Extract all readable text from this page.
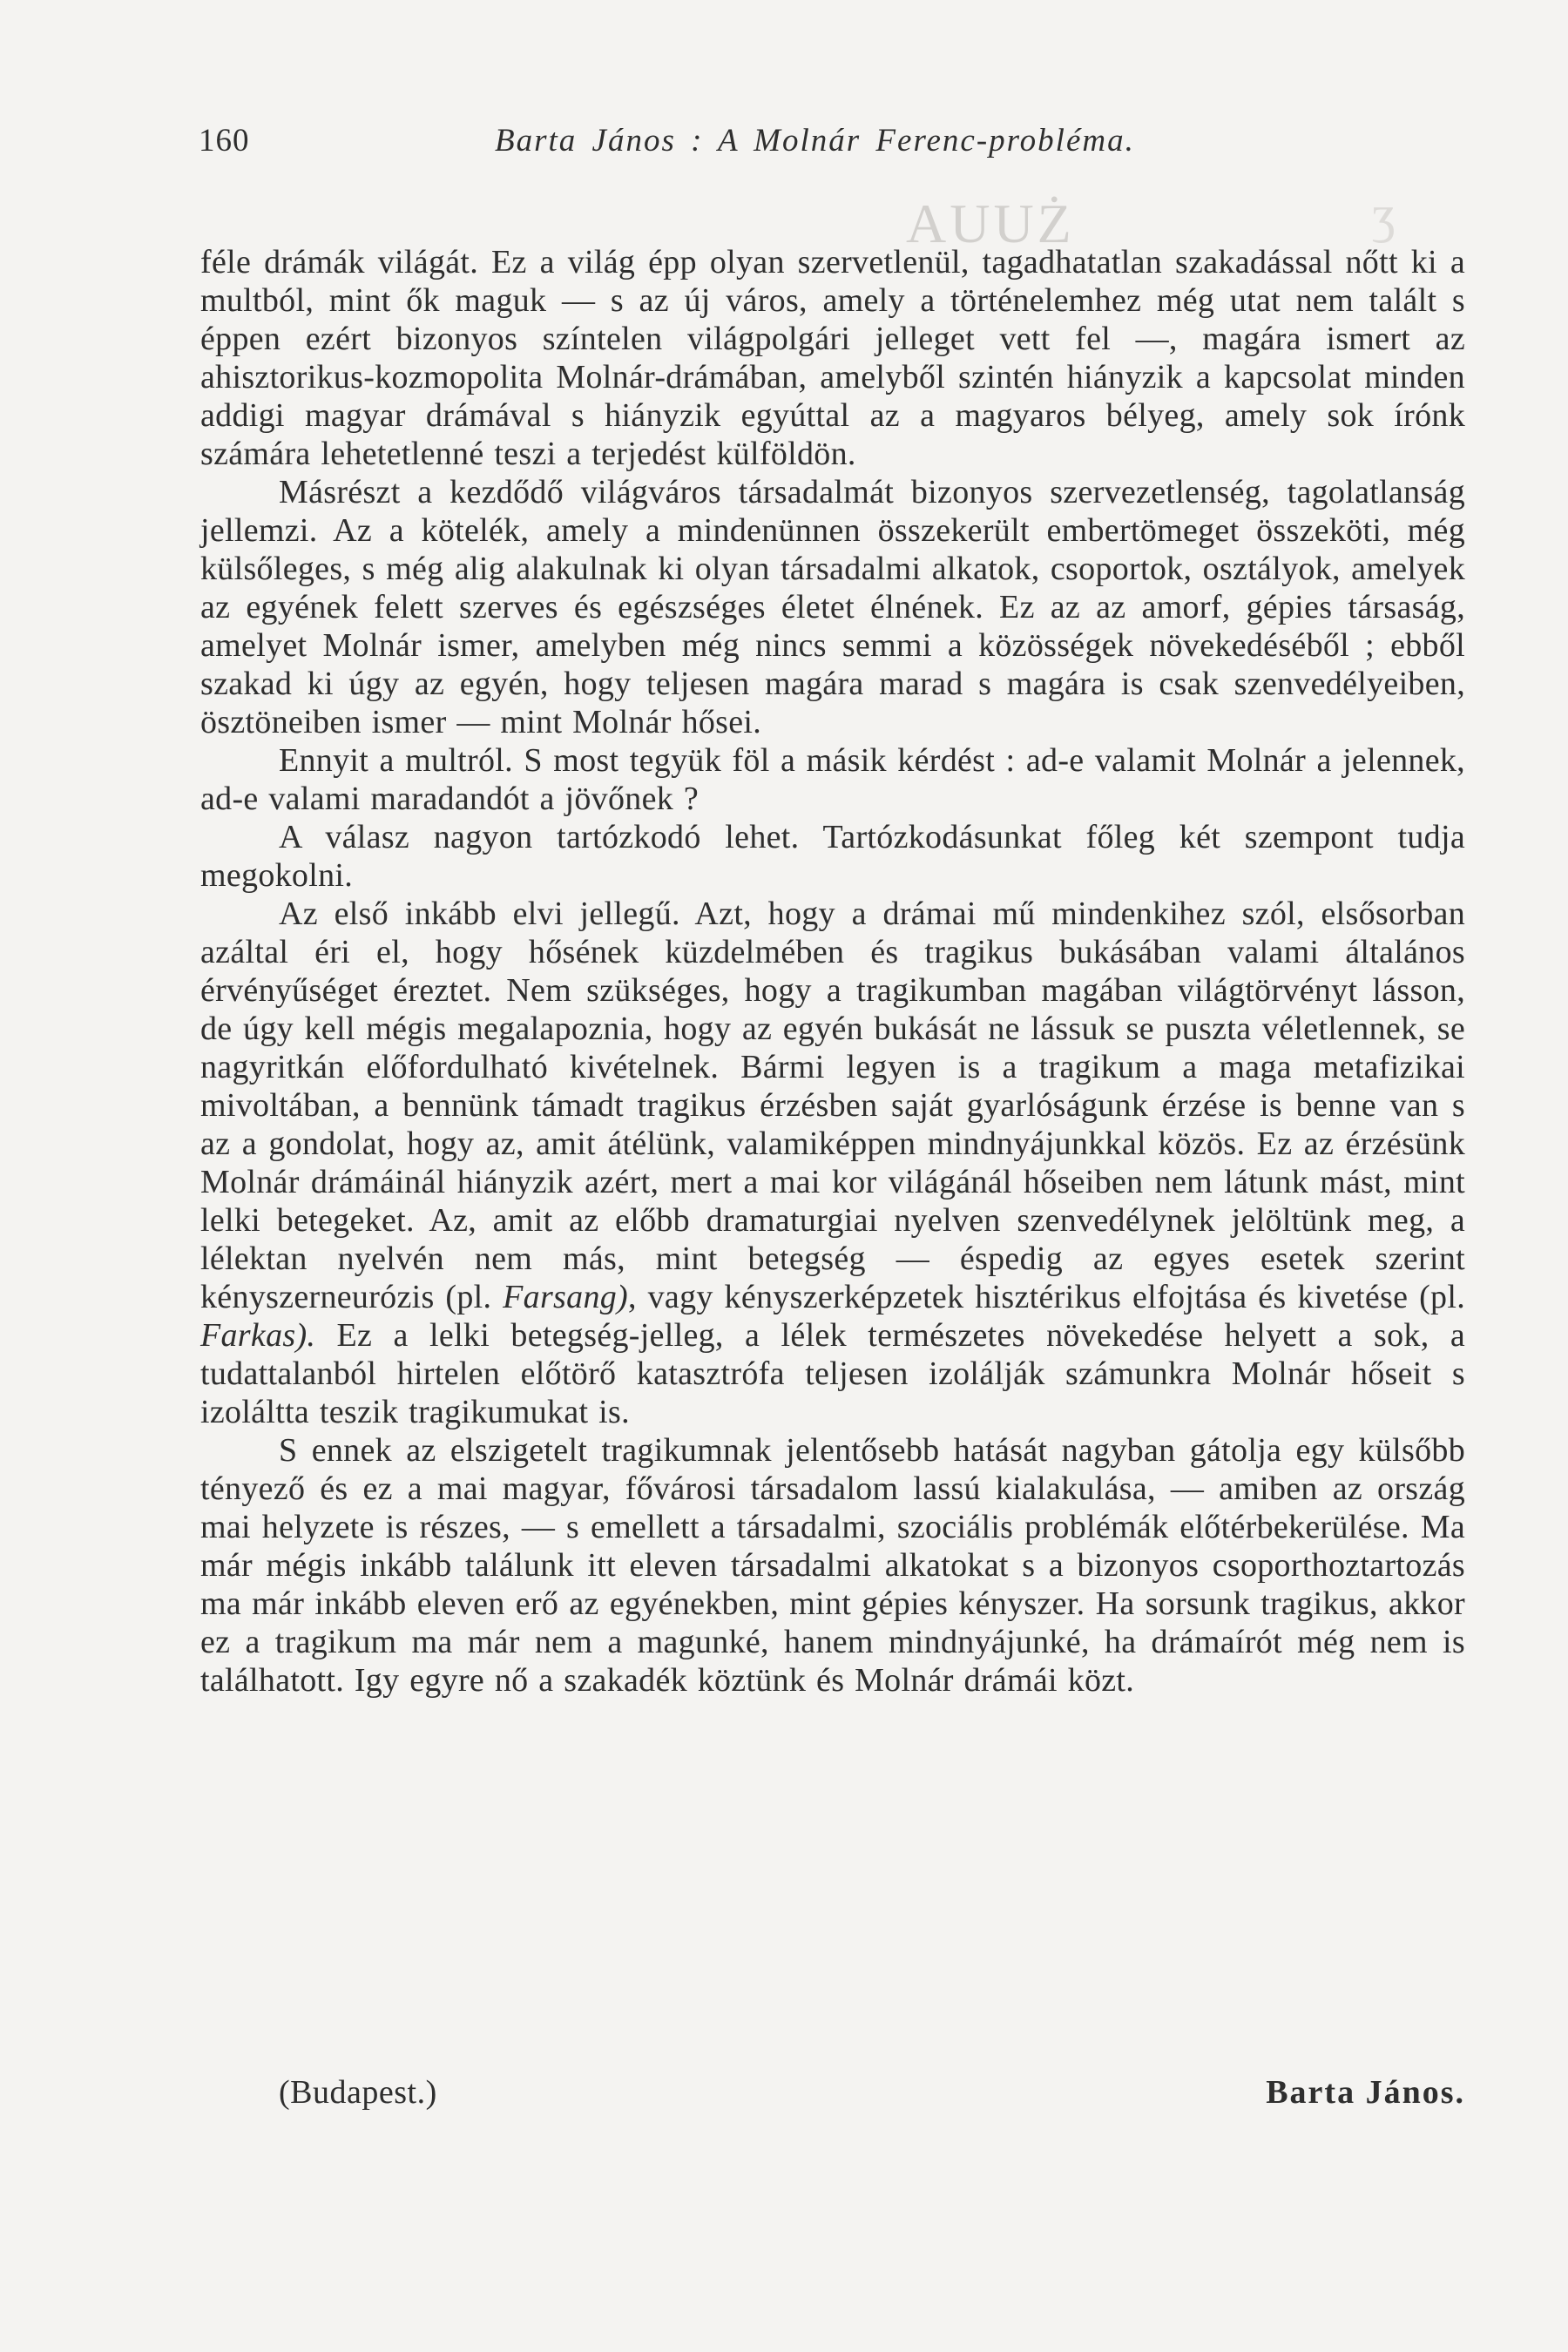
160	Barta János : A Molnár Ferenc-probléma.
AUUŻ	ʒ

féle drámák világát. Ez a világ épp olyan szervetlenül, tagadhatatlan szakadással nőtt ki a multból, mint ők maguk — s az új város, amely a történelemhez még utat nem talált s éppen ezért bizonyos színtelen világpolgári jelleget vett fel —, magára ismert az ahisztorikus-kozmopolita Molnár-drámában, amelyből szintén hiányzik a kapcsolat minden addigi magyar drámával s hiányzik egyúttal az a magyaros bélyeg, amely sok írónk számára lehetetlenné teszi a terjedést külföldön.

Másrészt a kezdődő világváros társadalmát bizonyos szervezetlenség, tagolatlanság jellemzi. Az a kötelék, amely a mindenünnen összekerült embertömeget összeköti, még külsőleges, s még alig alakulnak ki olyan társadalmi alkatok, csoportok, osztályok, amelyek az egyének felett szerves és egészséges életet élnének. Ez az az amorf, gépies társaság, amelyet Molnár ismer, amelyben még nincs semmi a közösségek növekedéséből ; ebből szakad ki úgy az egyén, hogy teljesen magára marad s magára is csak szenvedélyeiben, ösztöneiben ismer — mint Molnár hősei.

Ennyit a multról. S most tegyük föl a másik kérdést : ad-e valamit Molnár a jelennek, ad-e valami maradandót a jövőnek ?

A válasz nagyon tartózkodó lehet. Tartózkodásunkat főleg két szempont tudja megokolni.

Az első inkább elvi jellegű. Azt, hogy a drámai mű mindenkihez szól, elsősorban azáltal éri el, hogy hősének küzdelmében és tragikus bukásában valami általános érvényűséget éreztet. Nem szükséges, hogy a tragikumban magában világtörvényt lásson, de úgy kell mégis megalapoznia, hogy az egyén bukását ne lássuk se puszta véletlennek, se nagyritkán előfordulható kivételnek. Bármi legyen is a tragikum a maga metafizikai mivoltában, a bennünk támadt tragikus érzésben saját gyarlóságunk érzése is benne van s az a gondolat, hogy az, amit átélünk, valamiképpen mindnyájunkkal közös. Ez az érzésünk Molnár drámáinál hiányzik azért, mert a mai kor világánál hőseiben nem látunk mást, mint lelki betegeket. Az, amit az előbb dramaturgiai nyelven szenvedélynek jelöltünk meg, a lélektan nyelvén nem más, mint betegség — éspedig az egyes esetek szerint kényszerneurózis (pl. Farsang), vagy kényszerképzetek hisztérikus elfojtása és kivetése (pl. Farkas). Ez a lelki betegség-jelleg, a lélek természetes növekedése helyett a sok, a tudattalanból hirtelen előtörő katasztrófa teljesen izolálják számunkra Molnár hőseit s izoláltta teszik tragikumukat is.

S ennek az elszigetelt tragikumnak jelentősebb hatását nagyban gátolja egy külsőbb tényező és ez a mai magyar, fővárosi társadalom lassú kialakulása, — amiben az ország mai helyzete is részes, — s emellett a társadalmi, szociális problémák előtérbekerülése. Ma már mégis inkább találunk itt eleven társadalmi alkatokat s a bizonyos csoporthoztartozás ma már inkább eleven erő az egyénekben, mint gépies kényszer. Ha sorsunk tragikus, akkor ez a tragikum ma már nem a magunké, hanem mindnyájunké, ha drámaírót még nem is találhatott. Igy egyre nő a szakadék köztünk és Molnár drámái közt.

(Budapest.)	Barta János.
